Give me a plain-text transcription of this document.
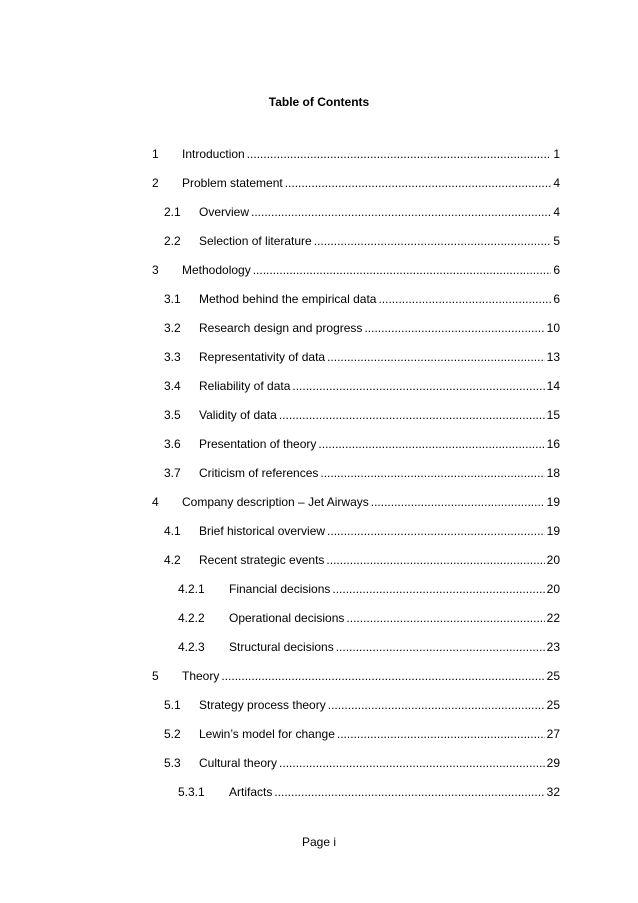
Table of Contents
1 Introduction .....	1
2 Problem statement .....	4
2.1 Overview .....	4
2.2 Selection of literature .....	5
3 Methodology .....	6
3.1 Method behind the empirical data .....	6
3.2 Research design and progress .....	10
3.3 Representativity of data .....	13
3.4 Reliability of data .....	14
3.5 Validity of data .....	15
3.6 Presentation of theory .....	16
3.7 Criticism of references .....	18
4 Company description – Jet Airways .....	19
4.1 Brief historical overview .....	19
4.2 Recent strategic events .....	20
4.2.1 Financial decisions .....	20
4.2.2 Operational decisions .....	22
4.2.3 Structural decisions .....	23
5 Theory .....	25
5.1 Strategy process theory .....	25
5.2 Lewin’s model for change .....	27
5.3 Cultural theory .....	29
5.3.1 Artifacts .....	32
Page i
